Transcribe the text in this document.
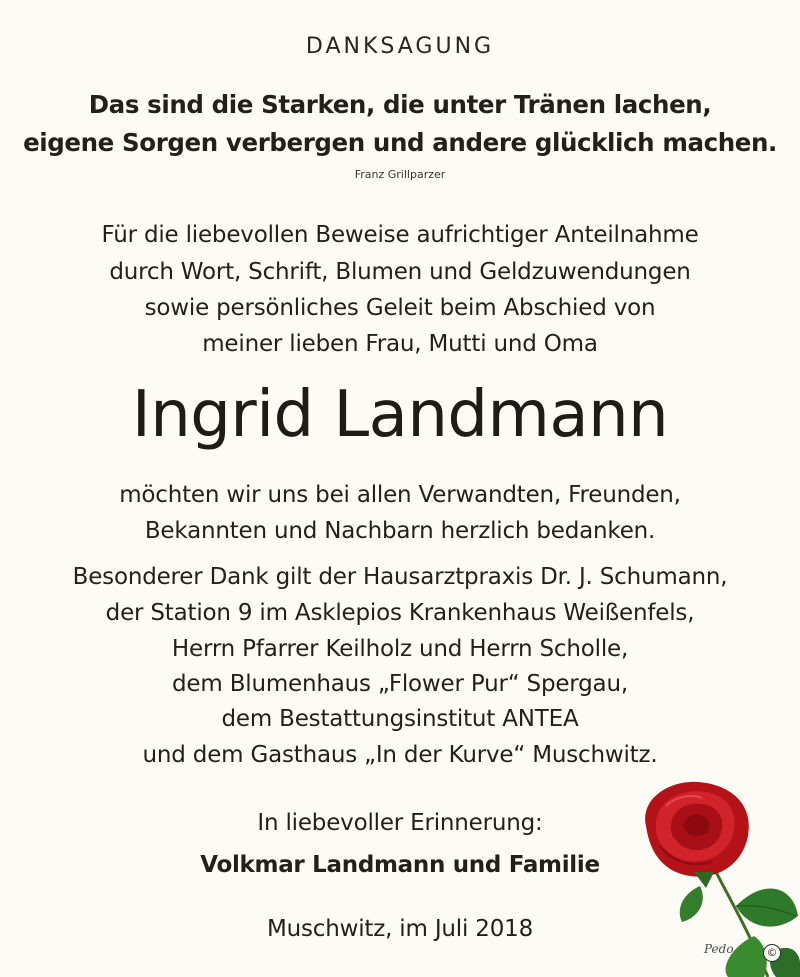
DANKSAGUNG
Das sind die Starken, die unter Tränen lachen,
eigene Sorgen verbergen und andere glücklich machen.
Franz Grillparzer
Für die liebevollen Beweise aufrichtiger Anteilnahme
durch Wort, Schrift, Blumen und Geldzuwendungen
sowie persönliches Geleit beim Abschied von
meiner lieben Frau, Mutti und Oma
Ingrid Landmann
möchten wir uns bei allen Verwandten, Freunden,
Bekannten und Nachbarn herzlich bedanken.
Besonderer Dank gilt der Hausarztpraxis Dr. J. Schumann,
der Station 9 im Asklepios Krankenhaus Weißenfels,
Herrn Pfarrer Keilholz und Herrn Scholle,
dem Blumenhaus „Flower Pur“ Spergau,
dem Bestattungsinstitut ANTEA
und dem Gasthaus „In der Kurve“ Muschwitz.
In liebevoller Erinnerung:
Volkmar Landmann und Familie
Muschwitz, im Juli 2018
Pedo	©
